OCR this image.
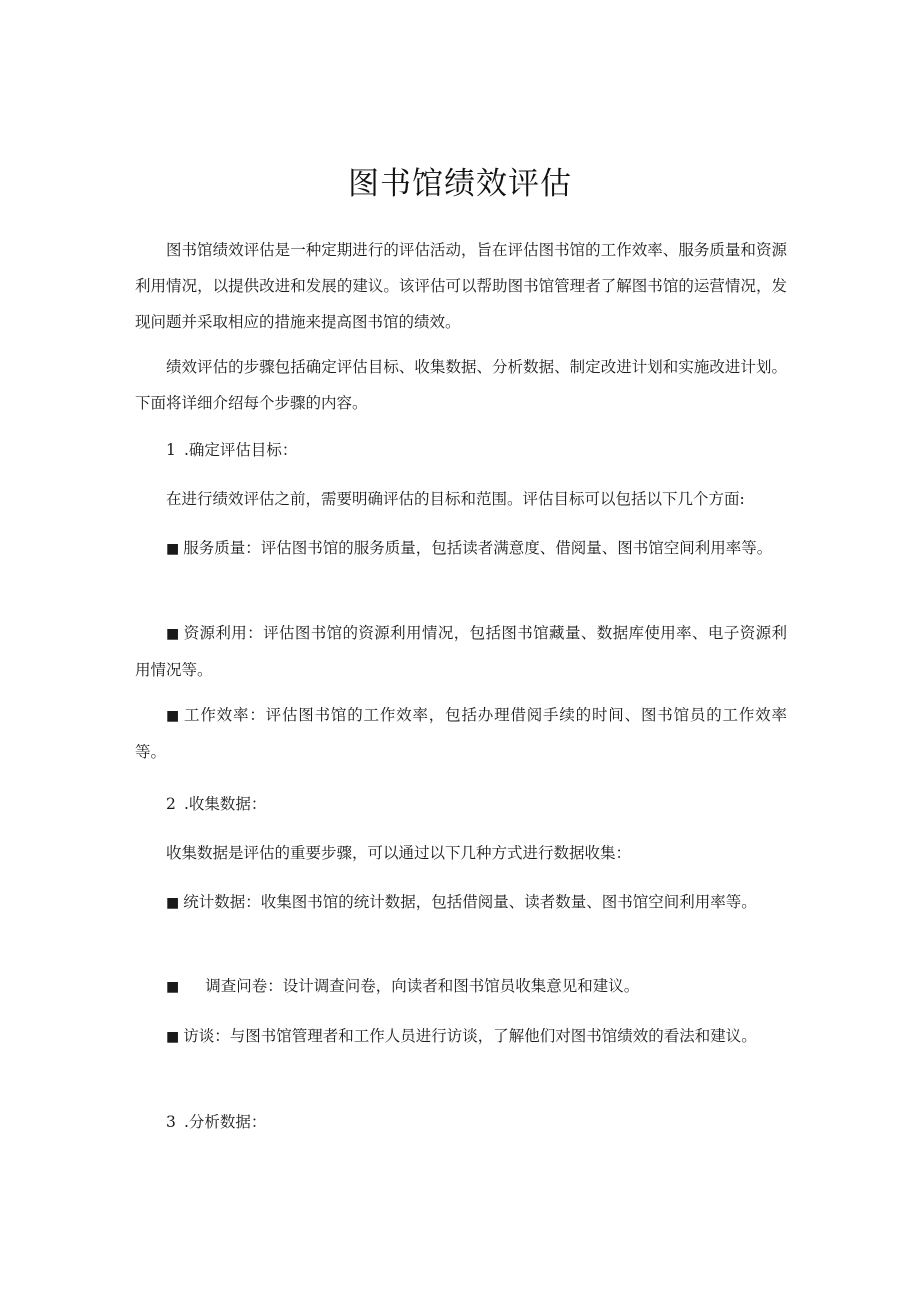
图书馆绩效评估

图书馆绩效评估是一种定期进行的评估活动，旨在评估图书馆的工作效率、服务质量和资源利用情况，以提供改进和发展的建议。该评估可以帮助图书馆管理者了解图书馆的运营情况，发现问题并采取相应的措施来提高图书馆的绩效。

绩效评估的步骤包括确定评估目标、收集数据、分析数据、制定改进计划和实施改进计划。下面将详细介绍每个步骤的内容。

1 .确定评估目标：

在进行绩效评估之前，需要明确评估的目标和范围。评估目标可以包括以下几个方面:

■ 服务质量：评估图书馆的服务质量，包括读者满意度、借阅量、图书馆空间利用率等。

■ 资源利用：评估图书馆的资源利用情况，包括图书馆藏量、数据库使用率、电子资源利用情况等。

■ 工作效率：评估图书馆的工作效率，包括办理借阅手续的时间、图书馆员的工作效率等。

2 .收集数据：

收集数据是评估的重要步骤，可以通过以下几种方式进行数据收集：

■ 统计数据：收集图书馆的统计数据，包括借阅量、读者数量、图书馆空间利用率等。

■ 调查问卷：设计调查问卷，向读者和图书馆员收集意见和建议。

■ 访谈：与图书馆管理者和工作人员进行访谈，了解他们对图书馆绩效的看法和建议。

3 .分析数据：
